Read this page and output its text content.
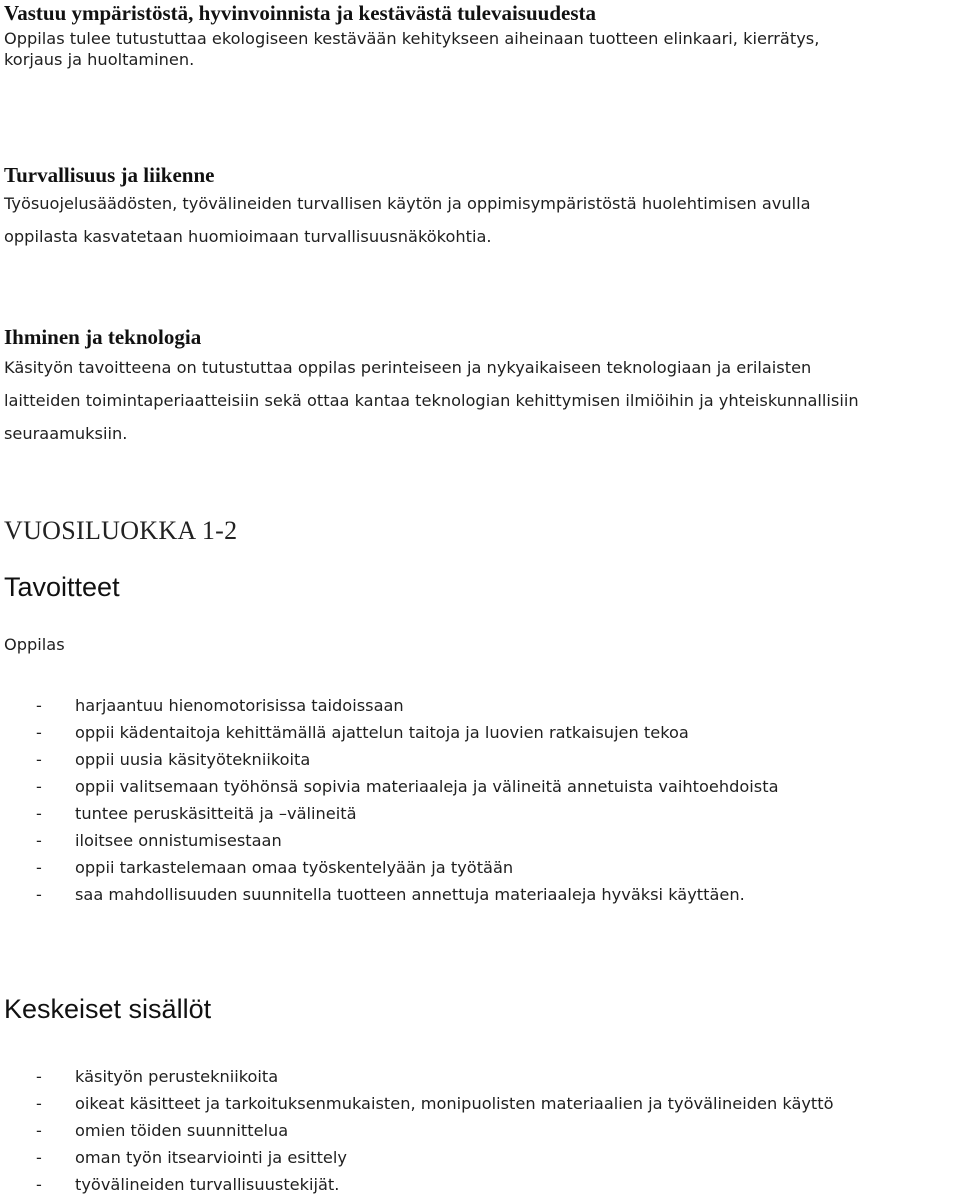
Vastuu ympäristöstä, hyvinvoinnista ja kestävästä tulevaisuudesta

Oppilas tulee tutustuttaa ekologiseen kestävään kehitykseen aiheinaan tuotteen elinkaari, kierrätys,

korjaus ja huoltaminen.

Turvallisuus ja liikenne

Työsuojelusäädösten, työvälineiden turvallisen käytön ja oppimisympäristöstä huolehtimisen avulla

oppilasta kasvatetaan huomioimaan turvallisuusnäkökohtia.

Ihminen ja teknologia

Käsityön tavoitteena on tutustuttaa oppilas perinteiseen ja nykyaikaiseen teknologiaan ja erilaisten

laitteiden toimintaperiaatteisiin sekä ottaa kantaa teknologian kehittymisen ilmiöihin ja yhteiskunnallisiin

seuraamuksiin.

VUOSILUOKKA 1-2
Tavoitteet

Oppilas

- harjaantuu hienomotorisissa taidoissaan
- oppii kädentaitoja kehittämällä ajattelun taitoja ja luovien ratkaisujen tekoa
- oppii uusia käsityötekniikoita
- oppii valitsemaan työhönsä sopivia materiaaleja ja välineitä annetuista vaihtoehdoista
- tuntee peruskäsitteitä ja –välineitä
- iloitsee onnistumisestaan
- oppii tarkastelemaan omaa työskentelyään ja työtään
- saa mahdollisuuden suunnitella tuotteen annettuja materiaaleja hyväksi käyttäen.
Keskeiset sisällöt
- käsityön perustekniikoita
- oikeat käsitteet ja tarkoituksenmukaisten, monipuolisten materiaalien ja työvälineiden käyttö
- omien töiden suunnittelua
- oman työn itsearviointi ja esittely
- työvälineiden turvallisuustekijät.
